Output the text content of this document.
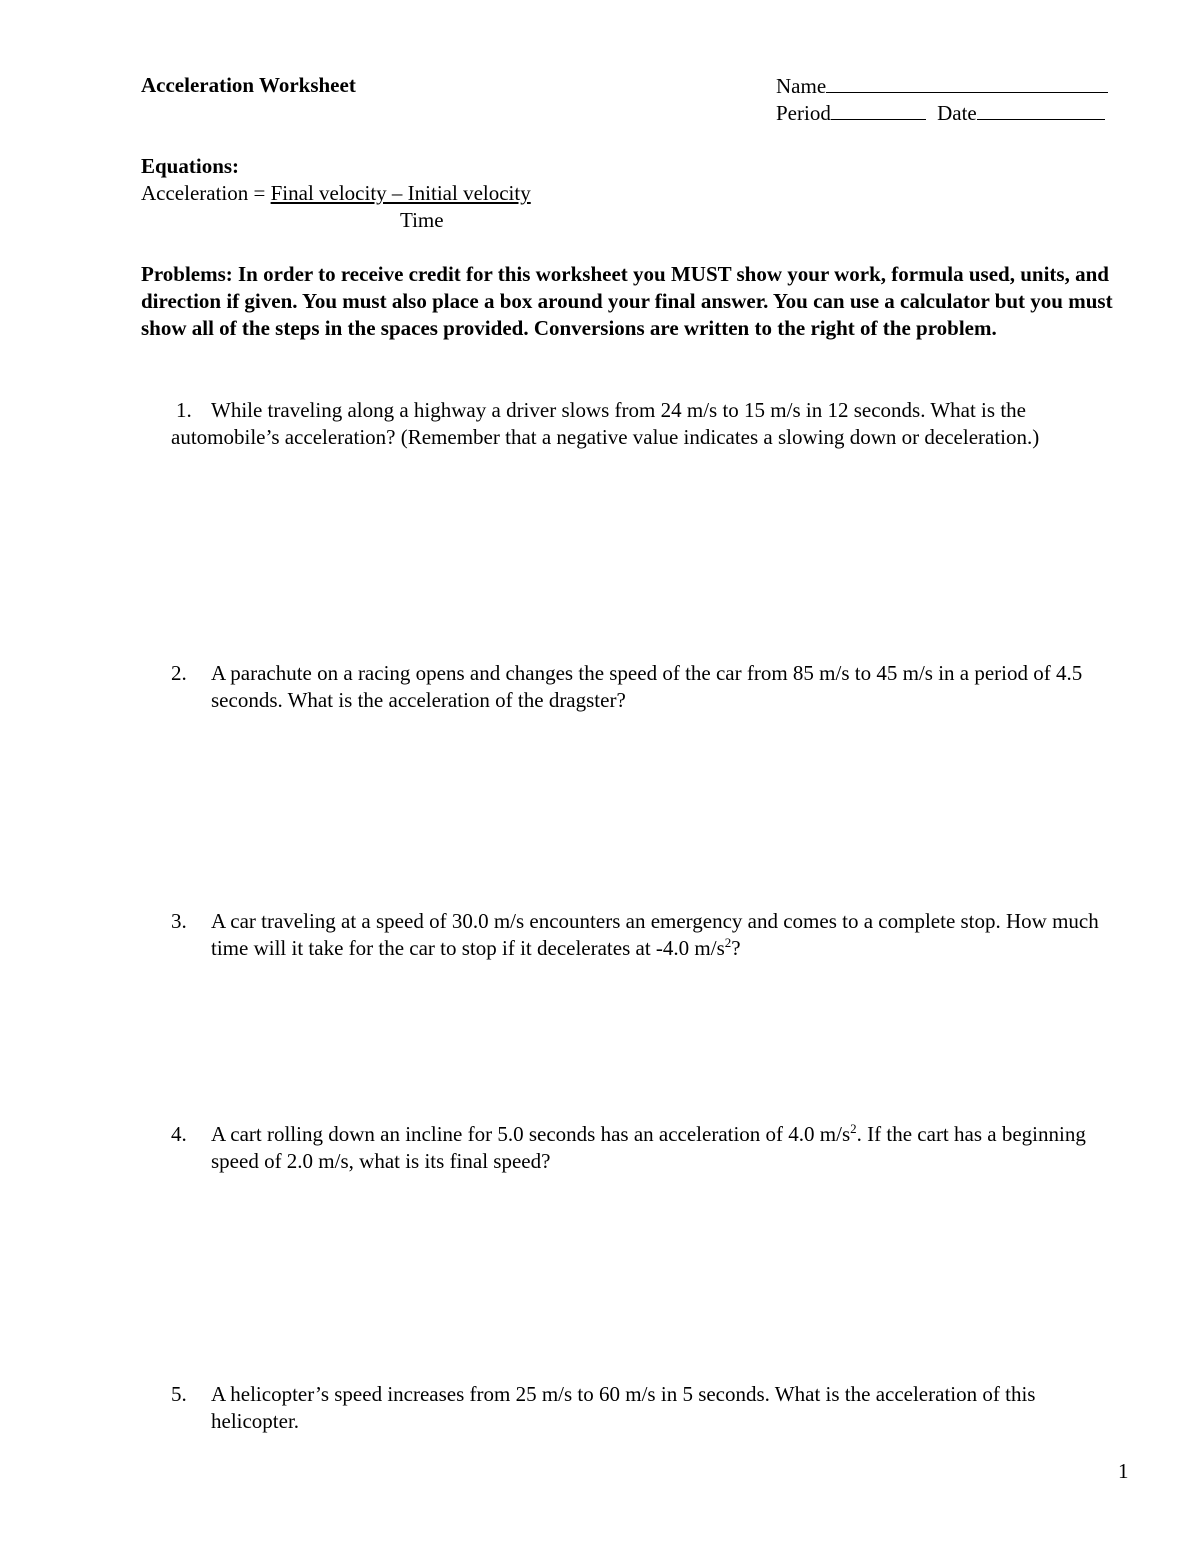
Acceleration Worksheet	Name
Period	Date
Equations:
Acceleration = Final velocity – Initial velocity
Time
Problems: In order to receive credit for this worksheet you MUST show your work, formula used, units, and direction if given. You must also place a box around your final answer. You can use a calculator but you must show all of the steps in the spaces provided. Conversions are written to the right of the problem.
1. While traveling along a highway a driver slows from 24 m/s to 15 m/s in 12 seconds. What is the automobile’s acceleration? (Remember that a negative value indicates a slowing down or deceleration.)
2.	A parachute on a racing opens and changes the speed of the car from 85 m/s to 45 m/s in a period of 4.5 seconds. What is the acceleration of the dragster?
3.	A car traveling at a speed of 30.0 m/s encounters an emergency and comes to a complete stop. How much time will it take for the car to stop if it decelerates at -4.0 $m/s^2$?
4.	A cart rolling down an incline for 5.0 seconds has an acceleration of 4.0 $m/s^2$. If the cart has a beginning speed of 2.0 m/s, what is its final speed?
5.	A helicopter’s speed increases from 25 m/s to 60 m/s in 5 seconds. What is the acceleration of this   helicopter.
1
